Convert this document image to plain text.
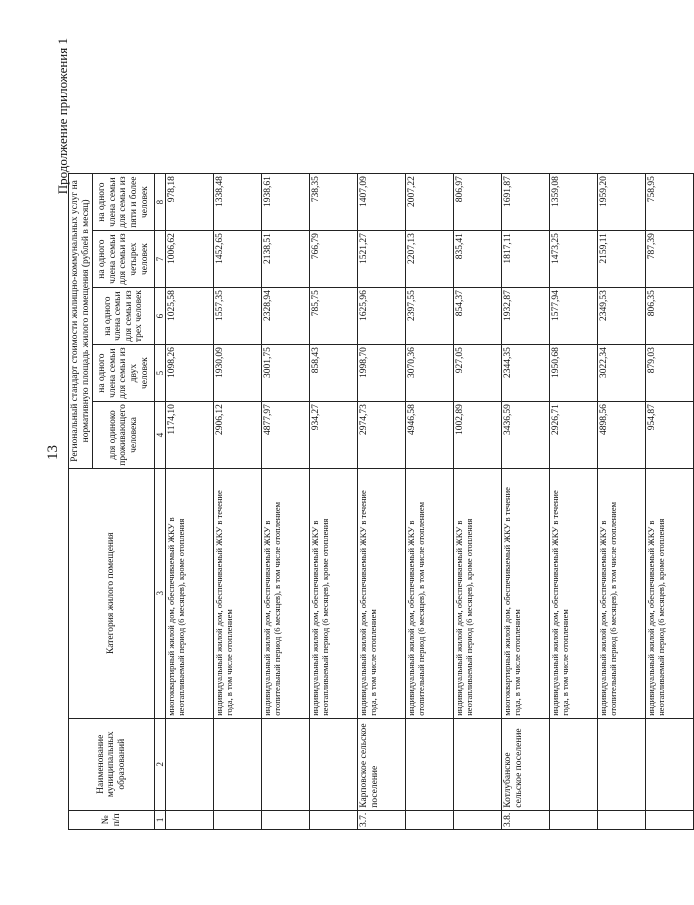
13
Продолжение приложения 1
№ п/п	Наименование муниципальных образований	Категория жилого помещения	Региональный стандарт стоимости жилищно-коммунальных услуг на нормативную площадь жилого помещения (рублей в месяц)				
			для одиноко проживающего человека	на одного члена семьи для семьи из двух человек	на одного члена семьи для семьи из трех человек	на одного члена семьи для семьи из четырех человек	на одного члена семьи для семьи из пяти и более человек
1	2	3	4	5	6	7	8
		многоквартирный жилой дом, обеспечиваемый ЖКУ в неотапливаемый период (6 месяцев), кроме отопления	1174,10	1098,26	1025,58	1006,62	978,18
		индивидуальный жилой дом, обеспечиваемый ЖКУ в течение года, в том числе отоплением	2906,12	1930,09	1557,35	1452,65	1338,48
		индивидуальный жилой дом, обеспечиваемый ЖКУ в отопительный период (6 месяцев), в том числе отоплением	4877,97	3001,75	2328,94	2138,51	1938,61
		индивидуальный жилой дом, обеспечиваемый ЖКУ в неотапливаемый период (6 месяцев), кроме отопления	934,27	858,43	785,75	766,79	738,35
3.7.	Карповское сельское поселение	индивидуальный жилой дом, обеспечиваемый ЖКУ в течение года, в том числе отоплением	2974,73	1998,70	1625,96	1521,27	1407,09
		индивидуальный жилой дом, обеспечиваемый ЖКУ в отопительный период (6 месяцев), в том числе отоплением	4946,58	3070,36	2397,55	2207,13	2007,22
		индивидуальный жилой дом, обеспечиваемый ЖКУ в неотапливаемый период (6 месяцев), кроме отопления	1002,89	927,05	854,37	835,41	806,97
3.8.	Котлубанское сельское поселение	многоквартирный жилой дом, обеспечиваемый ЖКУ в течение года, в том числе отоплением	3436,59	2344,35	1932,87	1817,11	1691,87
		индивидуальный жилой дом, обеспечиваемый ЖКУ в течение года, в том числе отоплением	2926,71	1950,68	1577,94	1473,25	1359,08
		индивидуальный жилой дом, обеспечиваемый ЖКУ в отопительный период (6 месяцев), в том числе отоплением	4898,56	3022,34	2349,53	2159,11	1959,20
		индивидуальный жилой дом, обеспечиваемый ЖКУ в неотапливаемый период (6 месяцев), кроме отопления	954,87	879,03	806,35	787,39	758,95
